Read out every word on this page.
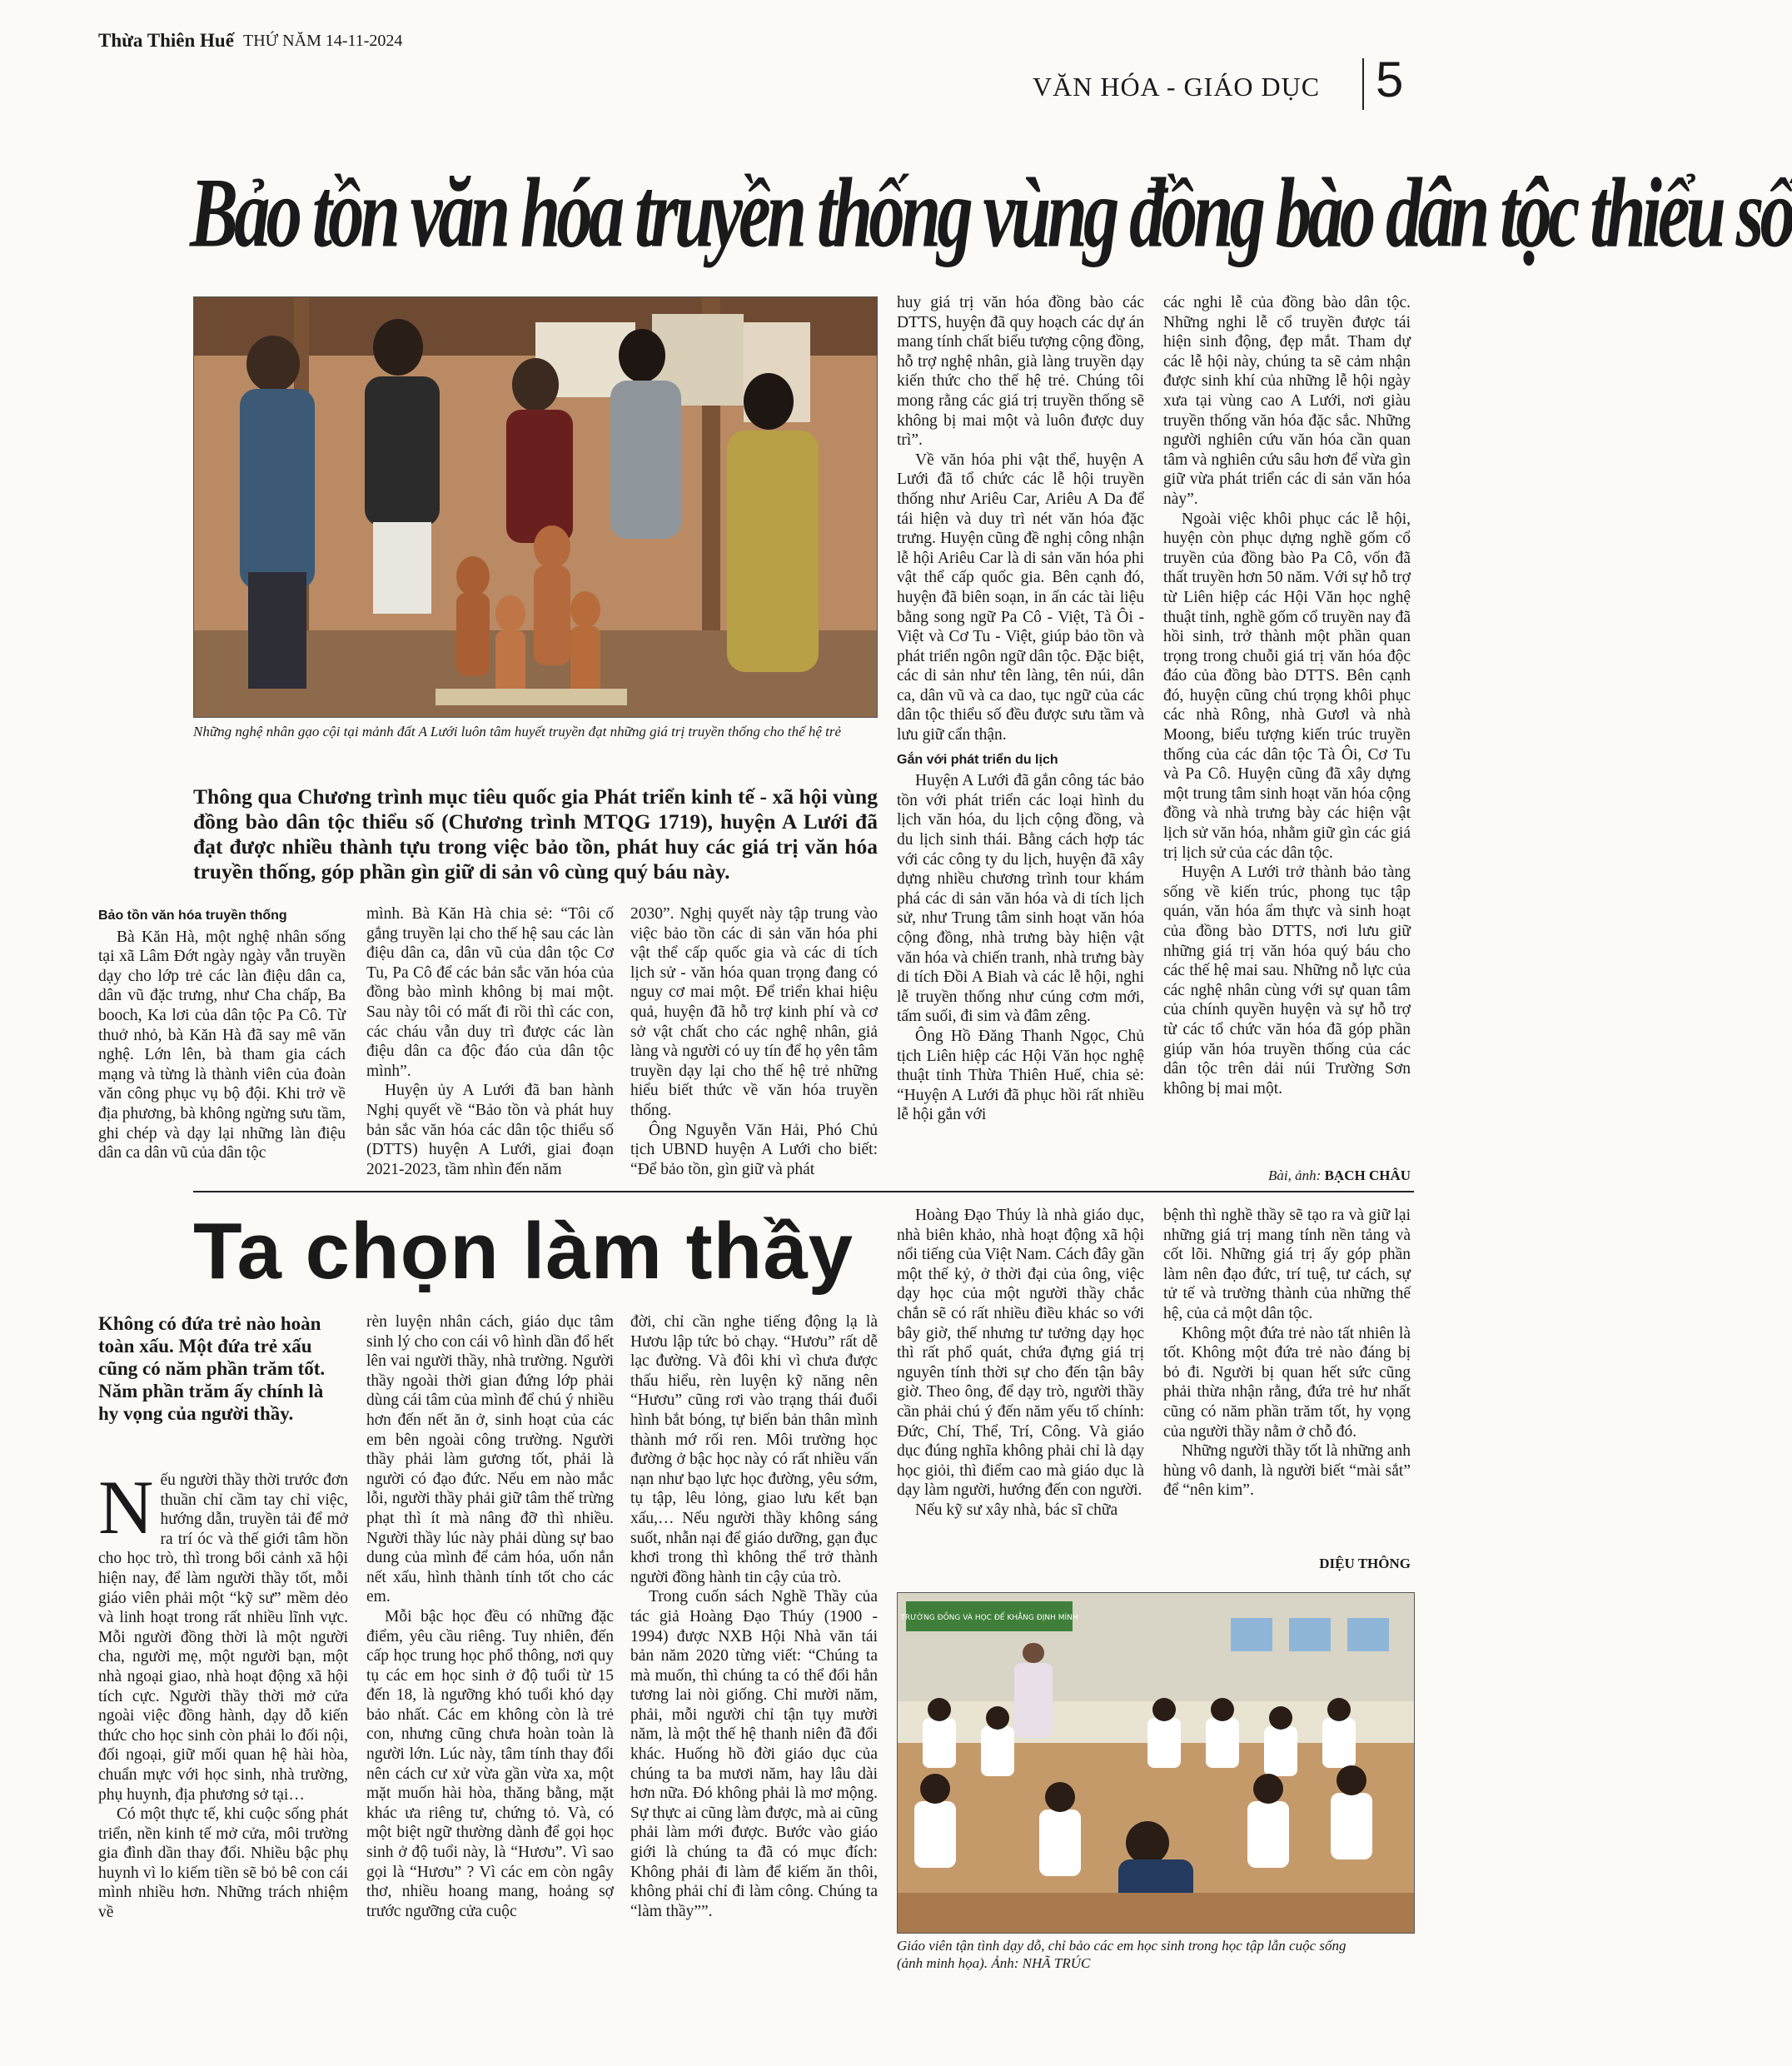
Thừa Thiên Huế THỨ NĂM 14-11-2024
VĂN HÓA - GIÁO DỤC 5
Bảo tồn văn hóa truyền thống vùng đồng bào dân tộc thiểu số
Những nghệ nhân gạo cội tại mảnh đất A Lưới luôn tâm huyết truyền đạt những giá trị truyền thống cho thế hệ trẻ
Thông qua Chương trình mục tiêu quốc gia Phát triển kinh tế - xã hội vùng đồng bào dân tộc thiểu số (Chương trình MTQG 1719), huyện A Lưới đã đạt được nhiều thành tựu trong việc bảo tồn, phát huy các giá trị văn hóa truyền thống, góp phần gìn giữ di sản vô cùng quý báu này.
Bảo tồn văn hóa truyền thống

Bà Kăn Hà, một nghệ nhân sống tại xã Lâm Đớt ngày ngày vẫn truyền dạy cho lớp trẻ các làn điệu dân ca, dân vũ đặc trưng, như Cha chấp, Ba booch, Ka lơi của dân tộc Pa Cô. Từ thuở nhỏ, bà Kăn Hà đã say mê văn nghệ. Lớn lên, bà tham gia cách mạng và từng là thành viên của đoàn văn công phục vụ bộ đội. Khi trở về địa phương, bà không ngừng sưu tầm, ghi chép và dạy lại những làn điệu dân ca dân vũ của dân tộc

mình. Bà Kăn Hà chia sẻ: “Tôi cố gắng truyền lại cho thế hệ sau các làn điệu dân ca, dân vũ của dân tộc Cơ Tu, Pa Cô để các bản sắc văn hóa của đồng bào mình không bị mai một. Sau này tôi có mất đi rồi thì các con, các cháu vẫn duy trì được các làn điệu dân ca độc đáo của dân tộc mình”.

Huyện ủy A Lưới đã ban hành Nghị quyết về “Bảo tồn và phát huy bản sắc văn hóa các dân tộc thiểu số (DTTS) huyện A Lưới, giai đoạn 2021-2023, tầm nhìn đến năm

2030”. Nghị quyết này tập trung vào việc bảo tồn các di sản văn hóa phi vật thể cấp quốc gia và các di tích lịch sử - văn hóa quan trọng đang có nguy cơ mai một. Để triển khai hiệu quả, huyện đã hỗ trợ kinh phí và cơ sở vật chất cho các nghệ nhân, giả làng và người có uy tín để họ yên tâm truyền dạy lại cho thế hệ trẻ những hiểu biết thức về văn hóa truyền thống.

Ông Nguyễn Văn Hải, Phó Chủ tịch UBND huyện A Lưới cho biết: “Để bảo tồn, gìn giữ và phát

huy giá trị văn hóa đồng bào các DTTS, huyện đã quy hoạch các dự án mang tính chất biểu tượng cộng đồng, hỗ trợ nghệ nhân, già làng truyền dạy kiến thức cho thế hệ trẻ. Chúng tôi mong rằng các giá trị truyền thống sẽ không bị mai một và luôn được duy trì”.

Về văn hóa phi vật thể, huyện A Lưới đã tổ chức các lễ hội truyền thống như Ariêu Car, Ariêu A Da để tái hiện và duy trì nét văn hóa đặc trưng. Huyện cũng đề nghị công nhận lễ hội Ariêu Car là di sản văn hóa phi vật thể cấp quốc gia. Bên cạnh đó, huyện đã biên soạn, in ấn các tài liệu bằng song ngữ Pa Cô - Việt, Tà Ôi - Việt và Cơ Tu - Việt, giúp bảo tồn và phát triển ngôn ngữ dân tộc. Đặc biệt, các di sản như tên làng, tên núi, dân ca, dân vũ và ca dao, tục ngữ của các dân tộc thiểu số đều được sưu tầm và lưu giữ cẩn thận.

Gắn với phát triển du lịch

Huyện A Lưới đã gắn công tác bảo tồn với phát triển các loại hình du lịch văn hóa, du lịch cộng đồng, và du lịch sinh thái. Bằng cách hợp tác với các công ty du lịch, huyện đã xây dựng nhiều chương trình tour khám phá các di sản văn hóa và di tích lịch sử, như Trung tâm sinh hoạt văn hóa cộng đồng, nhà trưng bày hiện vật văn hóa và chiến tranh, nhà trưng bày di tích Đồi A Biah và các lễ hội, nghi lễ truyền thống như cúng cơm mới, tấm suối, đi sim và đâm zêng.

Ông Hồ Đăng Thanh Ngọc, Chủ tịch Liên hiệp các Hội Văn học nghệ thuật tỉnh Thừa Thiên Huế, chia sẻ: “Huyện A Lưới đã phục hồi rất nhiều lễ hội gắn với

các nghi lễ của đồng bào dân tộc. Những nghi lễ cổ truyền được tái hiện sinh động, đẹp mắt. Tham dự các lễ hội này, chúng ta sẽ cảm nhận được sinh khí của những lễ hội ngày xưa tại vùng cao A Lưới, nơi giàu truyền thống văn hóa đặc sắc. Những người nghiên cứu văn hóa cần quan tâm và nghiên cứu sâu hơn để vừa gìn giữ vừa phát triển các di sản văn hóa này”.

Ngoài việc khôi phục các lễ hội, huyện còn phục dựng nghề gốm cổ truyền của đồng bào Pa Cô, vốn đã thất truyền hơn 50 năm. Với sự hỗ trợ từ Liên hiệp các Hội Văn học nghệ thuật tỉnh, nghề gốm cổ truyền nay đã hồi sinh, trở thành một phần quan trọng trong chuỗi giá trị văn hóa độc đáo của đồng bào DTTS. Bên cạnh đó, huyện cũng chú trọng khôi phục các nhà Rông, nhà Gươl và nhà Moong, biểu tượng kiến trúc truyền thống của các dân tộc Tà Ôi, Cơ Tu và Pa Cô. Huyện cũng đã xây dựng một trung tâm sinh hoạt văn hóa cộng đồng và nhà trưng bày các hiện vật lịch sử văn hóa, nhằm giữ gìn các giá trị lịch sử của các dân tộc.

Huyện A Lưới trở thành bảo tàng sống về kiến trúc, phong tục tập quán, văn hóa ẩm thực và sinh hoạt của đồng bào DTTS, nơi lưu giữ những giá trị văn hóa quý báu cho các thế hệ mai sau. Những nỗ lực của các nghệ nhân cùng với sự quan tâm của chính quyền huyện và sự hỗ trợ từ các tổ chức văn hóa đã góp phần giúp văn hóa truyền thống của các dân tộc trên dải núi Trường Sơn không bị mai một.

Bài, ảnh: BẠCH CHÂU
Ta chọn làm thầy
Không có đứa trẻ nào hoàn toàn xấu. Một đứa trẻ xấu cũng có năm phần trăm tốt. Năm phần trăm ấy chính là hy vọng của người thầy.

Nếu người thầy thời trước đơn thuần chỉ cầm tay chỉ việc, hướng dẫn, truyền tải để mở ra trí óc và thế giới tâm hồn cho học trò, thì trong bối cảnh xã hội hiện nay, để làm người thầy tốt, mỗi giáo viên phải một “kỹ sư” mềm dẻo và linh hoạt trong rất nhiều lĩnh vực. Mỗi người đồng thời là một người cha, người mẹ, một người bạn, một nhà ngoại giao, nhà hoạt động xã hội tích cực. Người thầy thời mở cửa ngoài việc đồng hành, dạy dỗ kiến thức cho học sinh còn phải lo đối nội, đối ngoại, giữ mối quan hệ hài hòa, chuẩn mực với học sinh, nhà trường, phụ huynh, địa phương sở tại…

Có một thực tế, khi cuộc sống phát triển, nền kinh tế mở cửa, môi trường gia đình dần thay đổi. Nhiều bậc phụ huynh vì lo kiếm tiền sẽ bỏ bê con cái mình nhiều hơn. Những trách nhiệm về

rèn luyện nhân cách, giáo dục tâm sinh lý cho con cái vô hình dần đổ hết lên vai người thầy, nhà trường. Người thầy ngoài thời gian đứng lớp phải dùng cái tâm của mình để chú ý nhiều hơn đến nết ăn ở, sinh hoạt của các em bên ngoài công trường. Người thầy phải làm gương tốt, phải là người có đạo đức. Nếu em nào mắc lỗi, người thầy phải giữ tâm thế trừng phạt thì ít mà nâng đỡ thì nhiều. Người thầy lúc này phải dùng sự bao dung của mình để cảm hóa, uốn nắn nết xấu, hình thành tính tốt cho các em.

Mỗi bậc học đều có những đặc điểm, yêu cầu riêng. Tuy nhiên, đến cấp học trung học phổ thông, nơi quy tụ các em học sinh ở độ tuổi từ 15 đến 18, là ngưỡng khó tuổi khó dạy bảo nhất. Các em không còn là trẻ con, nhưng cũng chưa hoàn toàn là người lớn. Lúc này, tâm tính thay đổi nên cách cư xử vừa gần vừa xa, một mặt muốn hài hòa, thăng bằng, mặt khác ưa riêng tư, chứng tỏ. Và, có một biệt ngữ thường dành để gọi học sinh ở độ tuổi này, là “Hươu”. Vì sao gọi là “Hươu” ? Vì các em còn ngây thơ, nhiều hoang mang, hoảng sợ trước ngưỡng cửa cuộc

đời, chỉ cần nghe tiếng động lạ là Hươu lập tức bỏ chạy. “Hươu” rất dễ lạc đường. Và đôi khi vì chưa được thấu hiểu, rèn luyện kỹ năng nên “Hươu” cũng rơi vào trạng thái đuổi hình bắt bóng, tự biến bản thân mình thành mớ rối ren. Môi trường học đường ở bậc học này có rất nhiều vấn nạn như bạo lực học đường, yêu sớm, tụ tập, lêu lỏng, giao lưu kết bạn xấu,… Nếu người thầy không sáng suốt, nhẫn nại để giáo dưỡng, gạn đục khơi trong thì không thể trở thành người đồng hành tin cậy của trò.

Trong cuốn sách Nghề Thầy của tác giả Hoàng Đạo Thúy (1900 - 1994) được NXB Hội Nhà văn tái bản năm 2020 từng viết: “Chúng ta mà muốn, thì chúng ta có thể đổi hẳn tương lai nòi giống. Chỉ mười năm, phải, mỗi người chỉ tận tụy mười năm, là một thế hệ thanh niên đã đổi khác. Huống hồ đời giáo dục của chúng ta ba mươi năm, hay lâu dài hơn nữa. Đó không phải là mơ mộng. Sự thực ai cũng làm được, mà ai cũng phải làm mới được. Bước vào giáo giới là chúng ta đã có mục đích: Không phải đi làm để kiếm ăn thôi, không phải chỉ đi làm công. Chúng ta “làm thầy””.

Hoàng Đạo Thúy là nhà giáo dục, nhà biên khảo, nhà hoạt động xã hội nổi tiếng của Việt Nam. Cách đây gần một thế kỷ, ở thời đại của ông, việc dạy học của một người thầy chắc chắn sẽ có rất nhiều điều khác so với bây giờ, thế nhưng tư tưởng dạy học thì rất phổ quát, chứa đựng giá trị nguyên tính thời sự cho đến tận bây giờ. Theo ông, để dạy trò, người thầy cần phải chú ý đến năm yếu tố chính: Đức, Chí, Thể, Trí, Công. Và giáo dục đúng nghĩa không phải chỉ là dạy học giỏi, thì điểm cao mà giáo dục là dạy làm người, hướng đến con người.

Nếu kỹ sư xây nhà, bác sĩ chữa

bệnh thì nghề thầy sẽ tạo ra và giữ lại những giá trị mang tính nền tảng và cốt lõi. Những giá trị ấy góp phần làm nên đạo đức, trí tuệ, tư cách, sự tử tế và trường thành của những thế hệ, của cả một dân tộc.

Không một đứa trẻ nào tất nhiên là tốt. Không một đứa trẻ nào đáng bị bỏ đi. Người bị quan hết sức cũng phải thừa nhận rằng, đứa trẻ hư nhất cũng có năm phần trăm tốt, hy vọng của người thầy nằm ở chỗ đó.

Những người thầy tốt là những anh hùng vô danh, là người biết “mài sắt” để “nên kim”.

DIỆU THÔNG
TRƯỜNG ĐỒNG VÀ HỌC ĐỂ KHẲNG ĐỊNH MÌNH
Giáo viên tận tình dạy dỗ, chỉ bảo các em học sinh trong học tập lẫn cuộc sống (ảnh minh họa). Ảnh: NHÃ TRÚC
